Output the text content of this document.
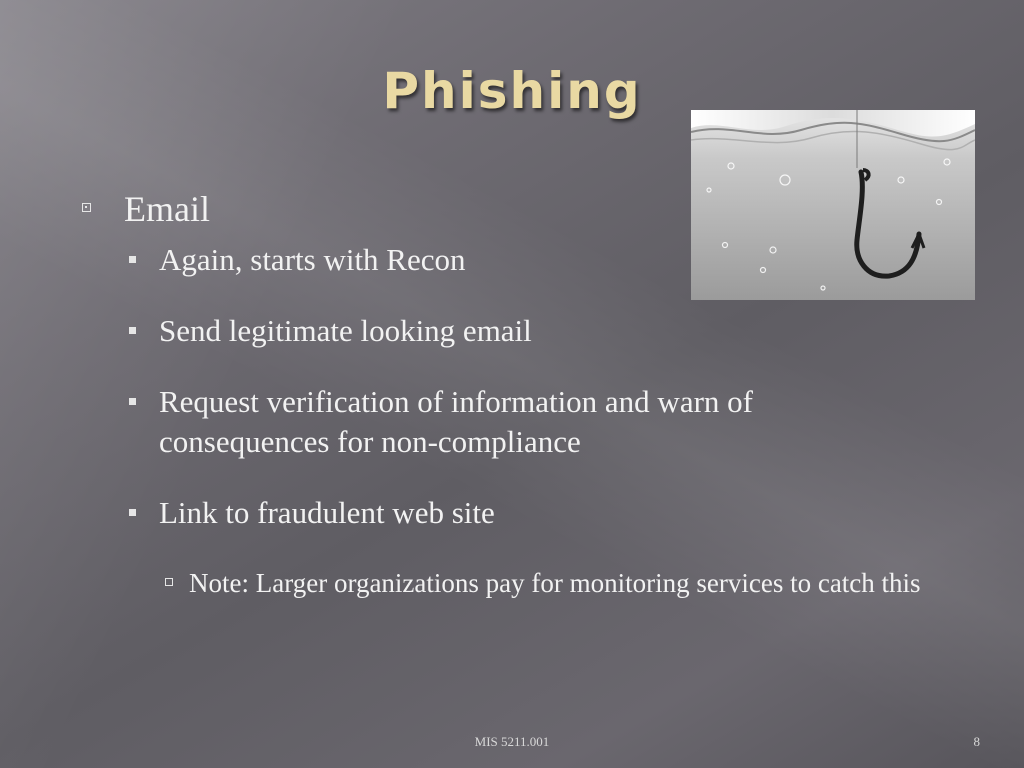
Phishing

Email

Again, starts with Recon

Send legitimate looking email

Request verification of information and warn of consequences for non-compliance

Link to fraudulent web site

Note: Larger organizations pay for monitoring services to catch this

MIS 5211.001	8
